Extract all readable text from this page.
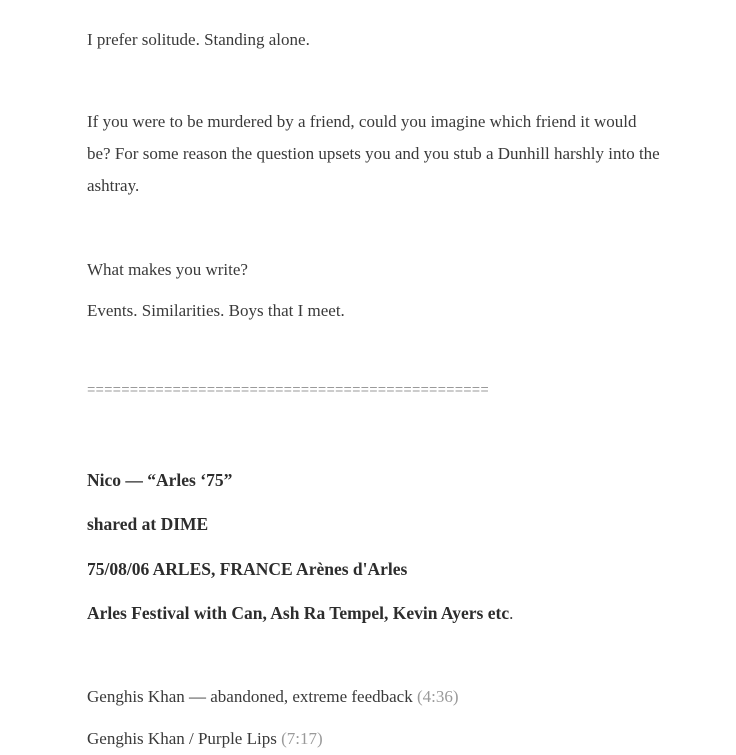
I prefer solitude. Standing alone.
If you were to be murdered by a friend, could you imagine which friend it would be? For some reason the question upsets you and you stub a Dunhill harshly into the ashtray.
What makes you write?
Events. Similarities. Boys that I meet.
===============================================
Nico — “Arles ‘75”
shared at DIME
75/08/06 ARLES, FRANCE Arènes d'Arles
Arles Festival with Can, Ash Ra Tempel, Kevin Ayers etc.
Genghis Khan — abandoned, extreme feedback (4:36)
Genghis Khan / Purple Lips (7:17)
